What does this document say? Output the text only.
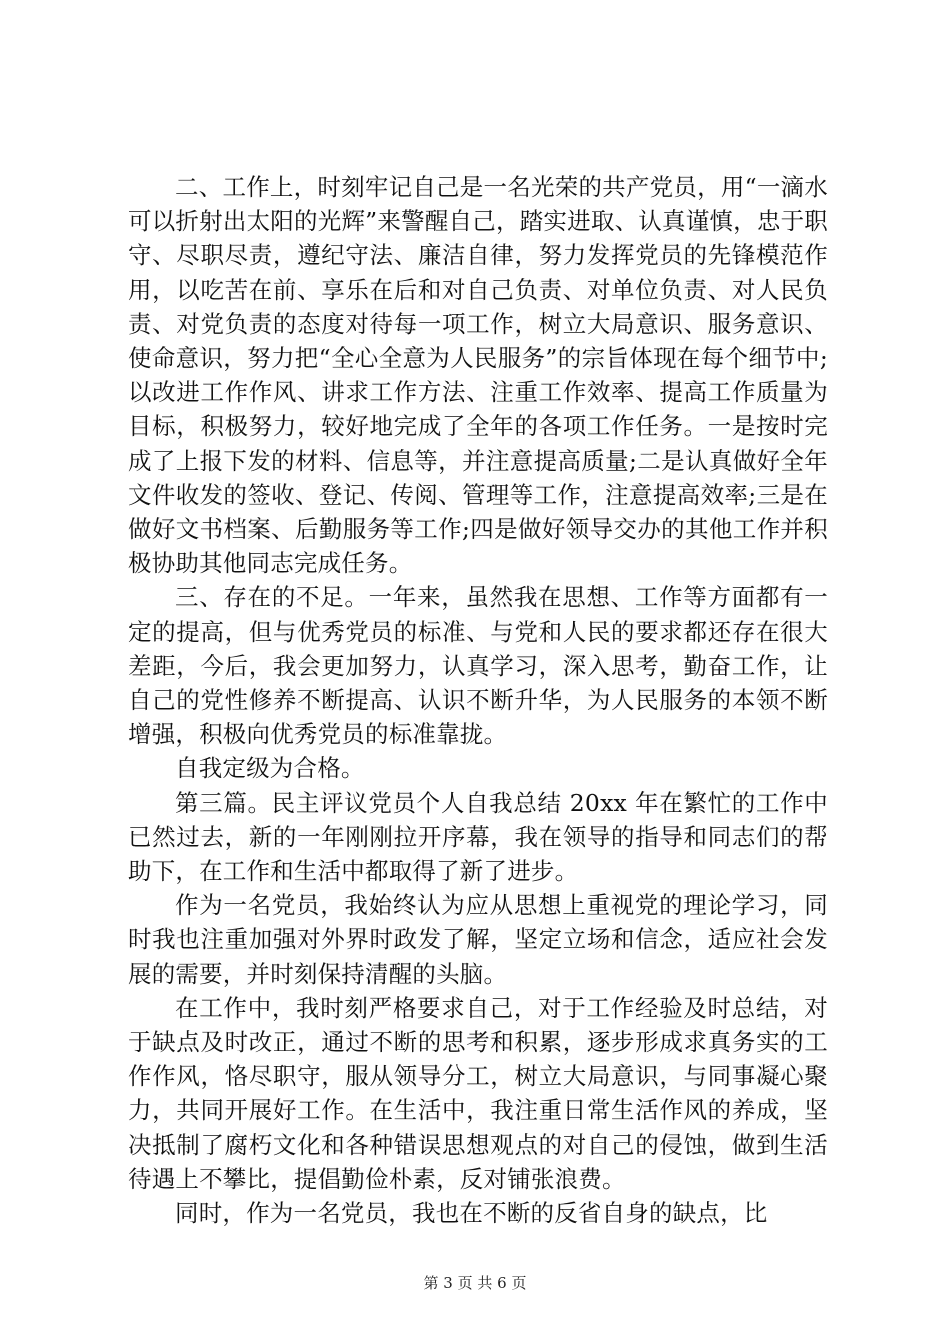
二、工作上，时刻牢记自己是一名光荣的共产党员，用“一滴水可以折射出太阳的光辉”来警醒自己，踏实进取、认真谨慎，忠于职守、尽职尽责，遵纪守法、廉洁自律，努力发挥党员的先锋模范作用，以吃苦在前、享乐在后和对自己负责、对单位负责、对人民负责、对党负责的态度对待每一项工作，树立大局意识、服务意识、使命意识，努力把“全心全意为人民服务”的宗旨体现在每个细节中;以改进工作作风、讲求工作方法、注重工作效率、提高工作质量为目标，积极努力，较好地完成了全年的各项工作任务。一是按时完成了上报下发的材料、信息等，并注意提高质量;二是认真做好全年文件收发的签收、登记、传阅、管理等工作，注意提高效率;三是在做好文书档案、后勤服务等工作;四是做好领导交办的其他工作并积极协助其他同志完成任务。

三、存在的不足。一年来，虽然我在思想、工作等方面都有一定的提高，但与优秀党员的标准、与党和人民的要求都还存在很大差距，今后，我会更加努力，认真学习，深入思考，勤奋工作，让自己的党性修养不断提高、认识不断升华，为人民服务的本领不断增强，积极向优秀党员的标准靠拢。

自我定级为合格。

第三篇。民主评议党员个人自我总结 20xx 年在繁忙的工作中已然过去，新的一年刚刚拉开序幕，我在领导的指导和同志们的帮助下，在工作和生活中都取得了新了进步。

作为一名党员，我始终认为应从思想上重视党的理论学习，同时我也注重加强对外界时政发了解，坚定立场和信念，适应社会发展的需要，并时刻保持清醒的头脑。

在工作中，我时刻严格要求自己，对于工作经验及时总结，对于缺点及时改正，通过不断的思考和积累，逐步形成求真务实的工作作风，恪尽职守，服从领导分工，树立大局意识，与同事凝心聚力，共同开展好工作。在生活中，我注重日常生活作风的养成，坚决抵制了腐朽文化和各种错误思想观点的对自己的侵蚀，做到生活待遇上不攀比，提倡勤俭朴素，反对铺张浪费。

同时，作为一名党员，我也在不断的反省自身的缺点，比

第 3 页 共 6 页
